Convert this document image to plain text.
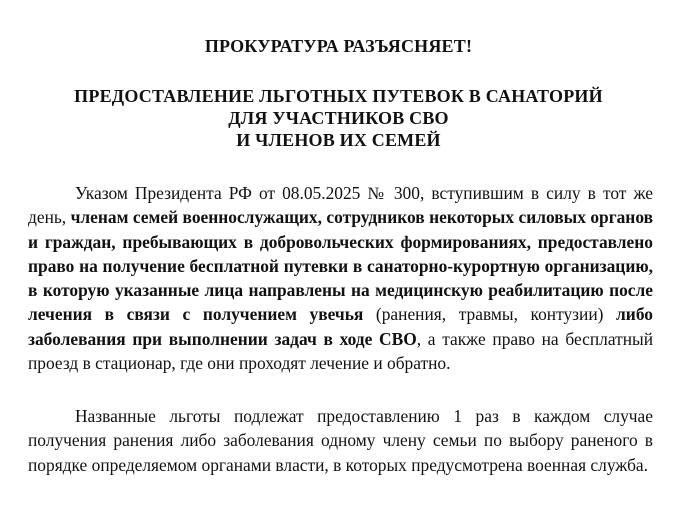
ПРОКУРАТУРА РАЗЪЯСНЯЕТ!
ПРЕДОСТАВЛЕНИЕ ЛЬГОТНЫХ ПУТЕВОК В САНАТОРИЙ
ДЛЯ УЧАСТНИКОВ СВО
И ЧЛЕНОВ ИХ СЕМЕЙ

Указом Президента РФ от 08.05.2025 № 300, вступившим в силу в тот же день, членам семей военнослужащих, сотрудников некоторых силовых органов и граждан, пребывающих в добровольческих формированиях, предоставлено право на получение бесплатной путевки в санаторно-курортную организацию, в которую указанные лица направлены на медицинскую реабилитацию после лечения в связи с получением увечья (ранения, травмы, контузии) либо заболевания при выполнении задач в ходе СВО, а также право на бесплатный проезд в стационар, где они проходят лечение и обратно.

Названные льготы подлежат предоставлению 1 раз в каждом случае получения ранения либо заболевания одному члену семьи по выбору раненого в порядке определяемом органами власти, в которых предусмотрена военная служба.
